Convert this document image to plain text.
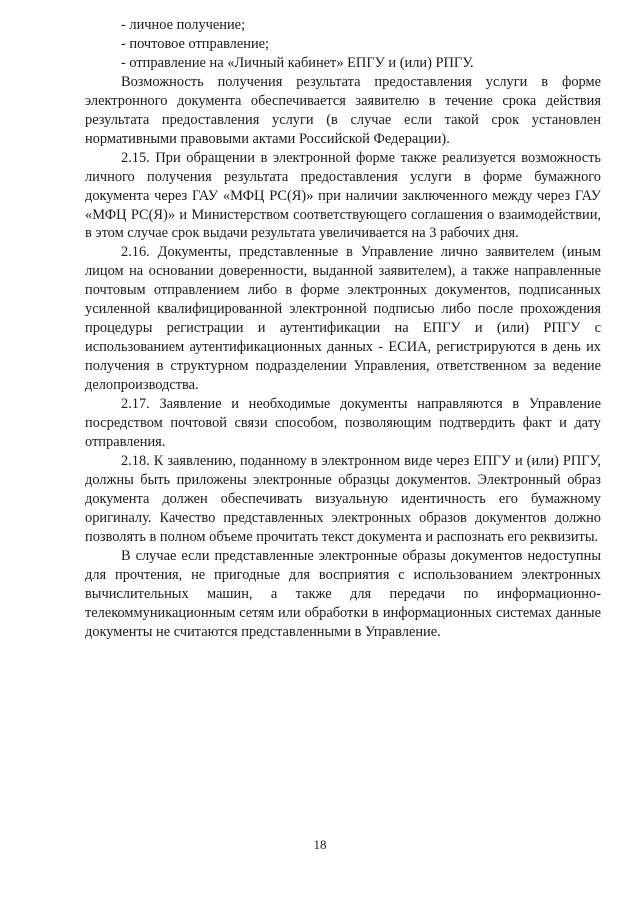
- личное получение;

- почтовое отправление;

- отправление на «Личный кабинет» ЕПГУ и (или) РПГУ.

Возможность получения результата предоставления услуги в форме электронного документа обеспечивается заявителю в течение срока действия результата предоставления услуги (в случае если такой срок установлен нормативными правовыми актами Российской Федерации).

2.15. При обращении в электронной форме также реализуется возможность личного получения результата предоставления услуги в форме бумажного документа через ГАУ «МФЦ РС(Я)» при наличии заключенного между через ГАУ «МФЦ РС(Я)» и Министерством соответствующего соглашения о взаимодействии, в этом случае срок выдачи результата увеличивается на 3 рабочих дня.

2.16. Документы, представленные в Управление лично заявителем (иным лицом на основании доверенности, выданной заявителем), а также направленные почтовым отправлением либо в форме электронных документов, подписанных усиленной квалифицированной электронной подписью либо после прохождения процедуры регистрации и аутентификации на ЕПГУ и (или) РПГУ с использованием аутентификационных данных - ЕСИА, регистрируются в день их получения в структурном подразделении Управления, ответственном за ведение делопроизводства.

2.17. Заявление и необходимые документы направляются в Управление посредством почтовой связи способом, позволяющим подтвердить факт и дату отправления.

2.18. К заявлению, поданному в электронном виде через ЕПГУ и (или) РПГУ, должны быть приложены электронные образцы документов. Электронный образ документа должен обеспечивать визуальную идентичность его бумажному оригиналу. Качество представленных электронных образов документов должно позволять в полном объеме прочитать текст документа и распознать его реквизиты.

В случае если представленные электронные образы документов недоступны для прочтения, не пригодные для восприятия с использованием электронных вычислительных машин, а также для передачи по информационно-телекоммуникационным сетям или обработки в информационных системах данные документы не считаются представленными в Управление.

18
